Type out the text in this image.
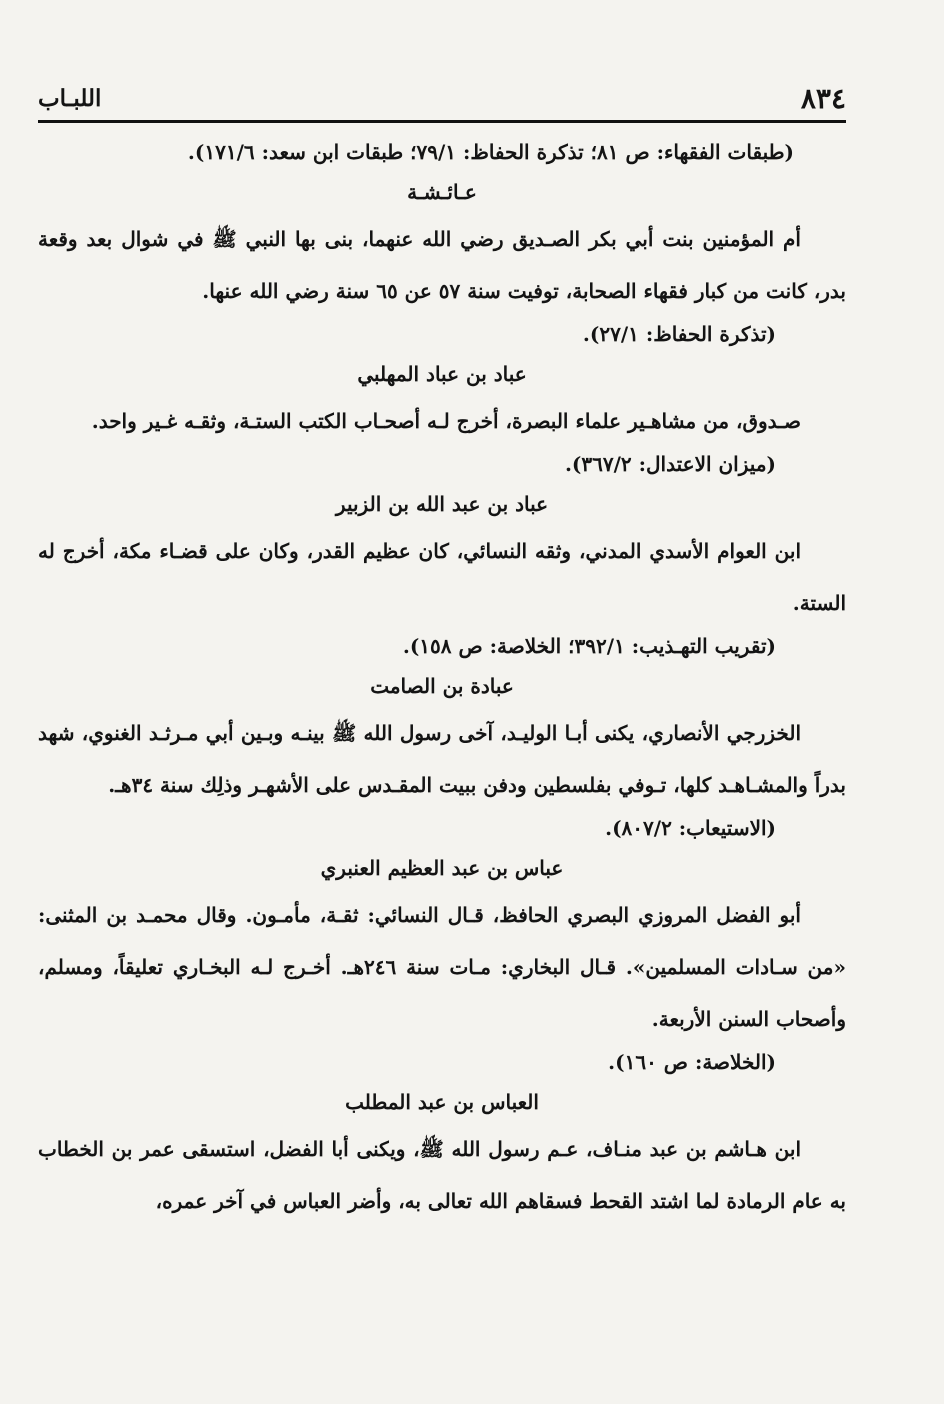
٨٣٤
اللبـاب

(طبقات الفقهاء: ص ٨١؛ تذكرة الحفاظ: ٧٩/١؛ طبقات ابن سعد: ١٧١/٦).

عـائـشـة

أم المؤمنين بنت أبي بكر الصـديق رضي الله عنهما، بنى بها النبي ﷺ في شوال بعد وقعة بدر، كانت من كبار فقهاء الصحابة، توفيت سنة ٥٧ عن ٦٥ سنة رضي الله عنها.

(تذكرة الحفاظ: ٢٧/١).

عباد بن عباد المهلبي

صـدوق، من مشاهـير علماء البصرة، أخرج لـه أصحـاب الكتب الستـة، وثقـه غـير واحد.

(ميزان الاعتدال: ٣٦٧/٢).

عباد بن عبد الله بن الزبير

ابن العوام الأسدي المدني، وثقه النسائي، كان عظيم القدر، وكان على قضـاء مكة، أخرج له الستة.

(تقريب التهـذيب: ٣٩٢/١؛ الخلاصة: ص ١٥٨).

عبادة بن الصامت

الخزرجي الأنصاري، يكنى أبـا الوليـد، آخى رسول الله ﷺ بينـه وبـين أبي مـرثـد الغنوي، شهد بدراً والمشـاهـد كلها، تـوفي بفلسطين ودفن ببيت المقـدس على الأشهـر وذلِك سنة ٣٤هـ.

(الاستيعاب: ٨٠٧/٢).

عباس بن عبد العظيم العنبري

أبو الفضل المروزي البصري الحافظ، قـال النسائي: ثقـة، مأمـون. وقال محمـد بن المثنى: «من سـادات المسلمين». قـال البخاري: مـات سنة ٢٤٦هـ. أخـرج لـه البخـاري تعليقاً، ومسلم، وأصحاب السنن الأربعة.

(الخلاصة: ص ١٦٠).

العباس بن عبد المطلب

ابن هـاشم بن عبد منـاف، عـم رسول الله ﷺ، ويكنى أبا الفضل، استسقى عمر بن الخطاب به عام الرمادة لما اشتد القحط فسقاهم الله تعالى به، وأضر العباس في آخر عمره،
